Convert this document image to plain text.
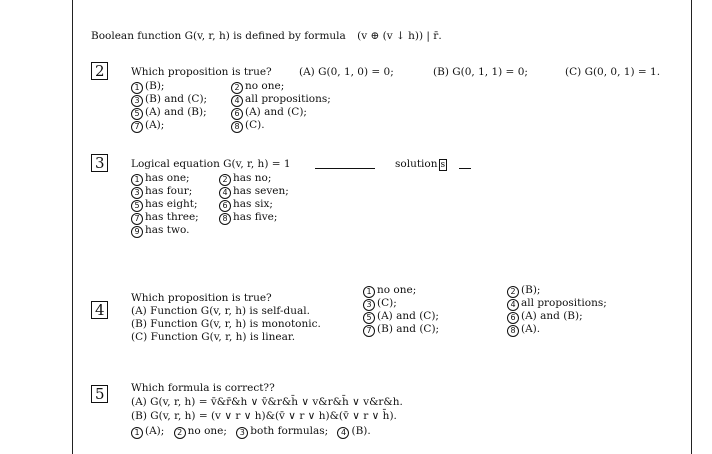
Boolean function G(v, r, h) is defined by formula (v ⊕ (v ↓ h)) | r̄.
2	Which proposition is true?	(A) G(0, 1, 0) = 0;	(B) G(0, 1, 1) = 0;	(C) G(0, 0, 1) = 1.
1 (B);	2 no one;
3 (B) and (C);	4 all propositions;
5 (A) and (B);	6 (A) and (C);
7 (A);	8 (C).
3	Logical equation G(v, r, h) = 1	solution s
1 has one;	2 has no;
3 has four;	4 has seven;
5 has eight;	6 has six;
7 has three;	8 has five;
9 has two.
4
Which proposition is true?
(A) Function G(v, r, h) is self-dual.
(B) Function G(v, r, h) is monotonic.
(C) Function G(v, r, h) is linear.
1 no one;	2 (B);
3 (C);	4 all propositions;
5 (A) and (C);	6 (A) and (B);
7 (B) and (C);	8 (A).
5	Which formula is correct??
(A) G(v, r, h) = v̄&r̄&h ∨ v̄&r&h̄ ∨ v&r&h̄ ∨ v&r&h.
(B) G(v, r, h) = (v ∨ r ∨ h)&(v̄ ∨ r ∨ h)&(v̄ ∨ r ∨ h̄).
1 (A); 2 no one; 3 both formulas; 4 (B).
